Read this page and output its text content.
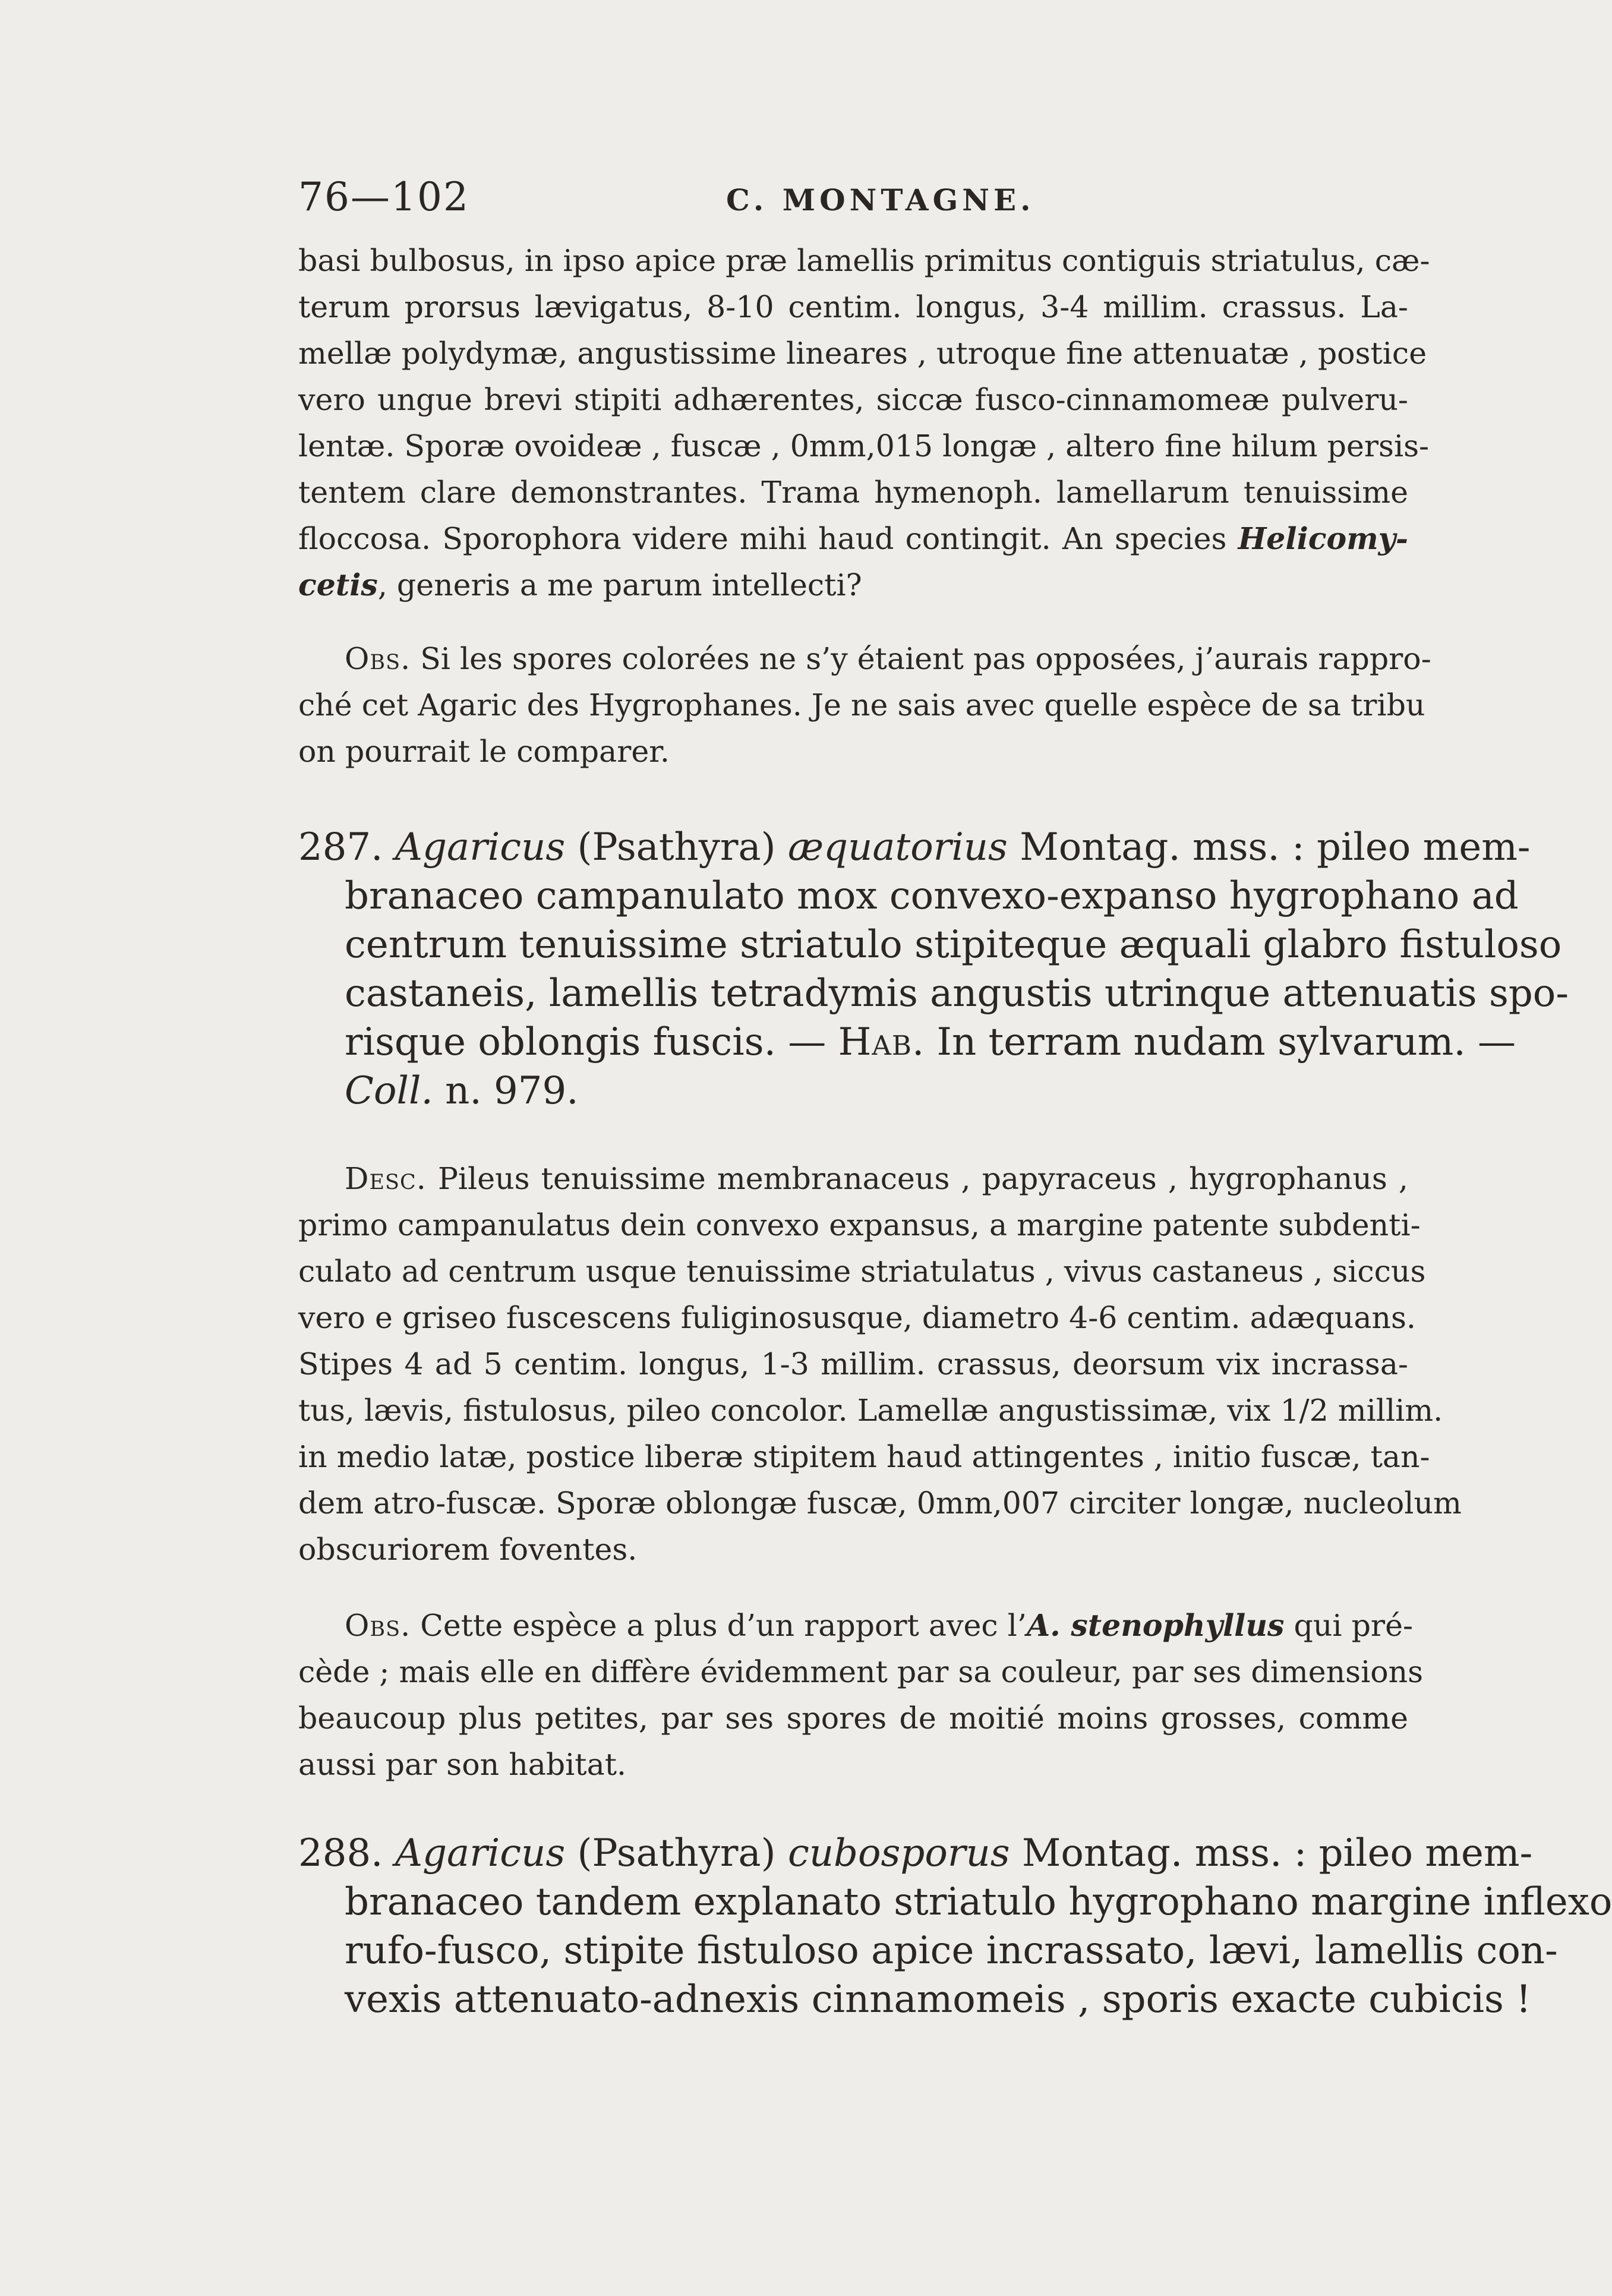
76—102	C. MONTAGNE.
basi bulbosus, in ipso apice præ lamellis primitus contiguis striatulus, cæ-
terum prorsus lævigatus, 8-10 centim. longus, 3-4 millim. crassus. La-
mellæ polydymæ, angustissime lineares , utroque fine attenuatæ , postice
vero ungue brevi stipiti adhærentes, siccæ fusco-cinnamomeæ pulveru-
lentæ. Sporæ ovoideæ , fuscæ , 0mm,015 longæ , altero fine hilum persis-
tentem clare demonstrantes. Trama hymenoph. lamellarum tenuissime
floccosa. Sporophora videre mihi haud contingit. An species Helicomy-
cetis, generis a me parum intellecti?
Obs. Si les spores colorées ne s’y étaient pas opposées, j’aurais rappro-
ché cet Agaric des Hygrophanes. Je ne sais avec quelle espèce de sa tribu
on pourrait le comparer.
287. Agaricus (Psathyra) æquatorius Montag. mss. : pileo mem-
branaceo campanulato mox convexo-expanso hygrophano ad
centrum tenuissime striatulo stipiteque æquali glabro fistuloso
castaneis, lamellis tetradymis angustis utrinque attenuatis spo-
risque oblongis fuscis. — Hab. In terram nudam sylvarum. —
Coll. n. 979.
Desc. Pileus tenuissime membranaceus , papyraceus , hygrophanus ,
primo campanulatus dein convexo expansus, a margine patente subdenti-
culato ad centrum usque tenuissime striatulatus , vivus castaneus , siccus
vero e griseo fuscescens fuliginosusque, diametro 4-6 centim. adæquans.
Stipes 4 ad 5 centim. longus, 1-3 millim. crassus, deorsum vix incrassa-
tus, lævis, fistulosus, pileo concolor. Lamellæ angustissimæ, vix 1/2 millim.
in medio latæ, postice liberæ stipitem haud attingentes , initio fuscæ, tan-
dem atro-fuscæ. Sporæ oblongæ fuscæ, 0mm,007 circiter longæ, nucleolum
obscuriorem foventes.
Obs. Cette espèce a plus d’un rapport avec l’A. stenophyllus qui pré-
cède ; mais elle en diffère évidemment par sa couleur, par ses dimensions
beaucoup plus petites, par ses spores de moitié moins grosses, comme
aussi par son habitat.
288. Agaricus (Psathyra) cubosporus Montag. mss. : pileo mem-
branaceo tandem explanato striatulo hygrophano margine inflexo
rufo-fusco, stipite fistuloso apice incrassato, lævi, lamellis con-
vexis attenuato-adnexis cinnamomeis , sporis exacte cubicis !
